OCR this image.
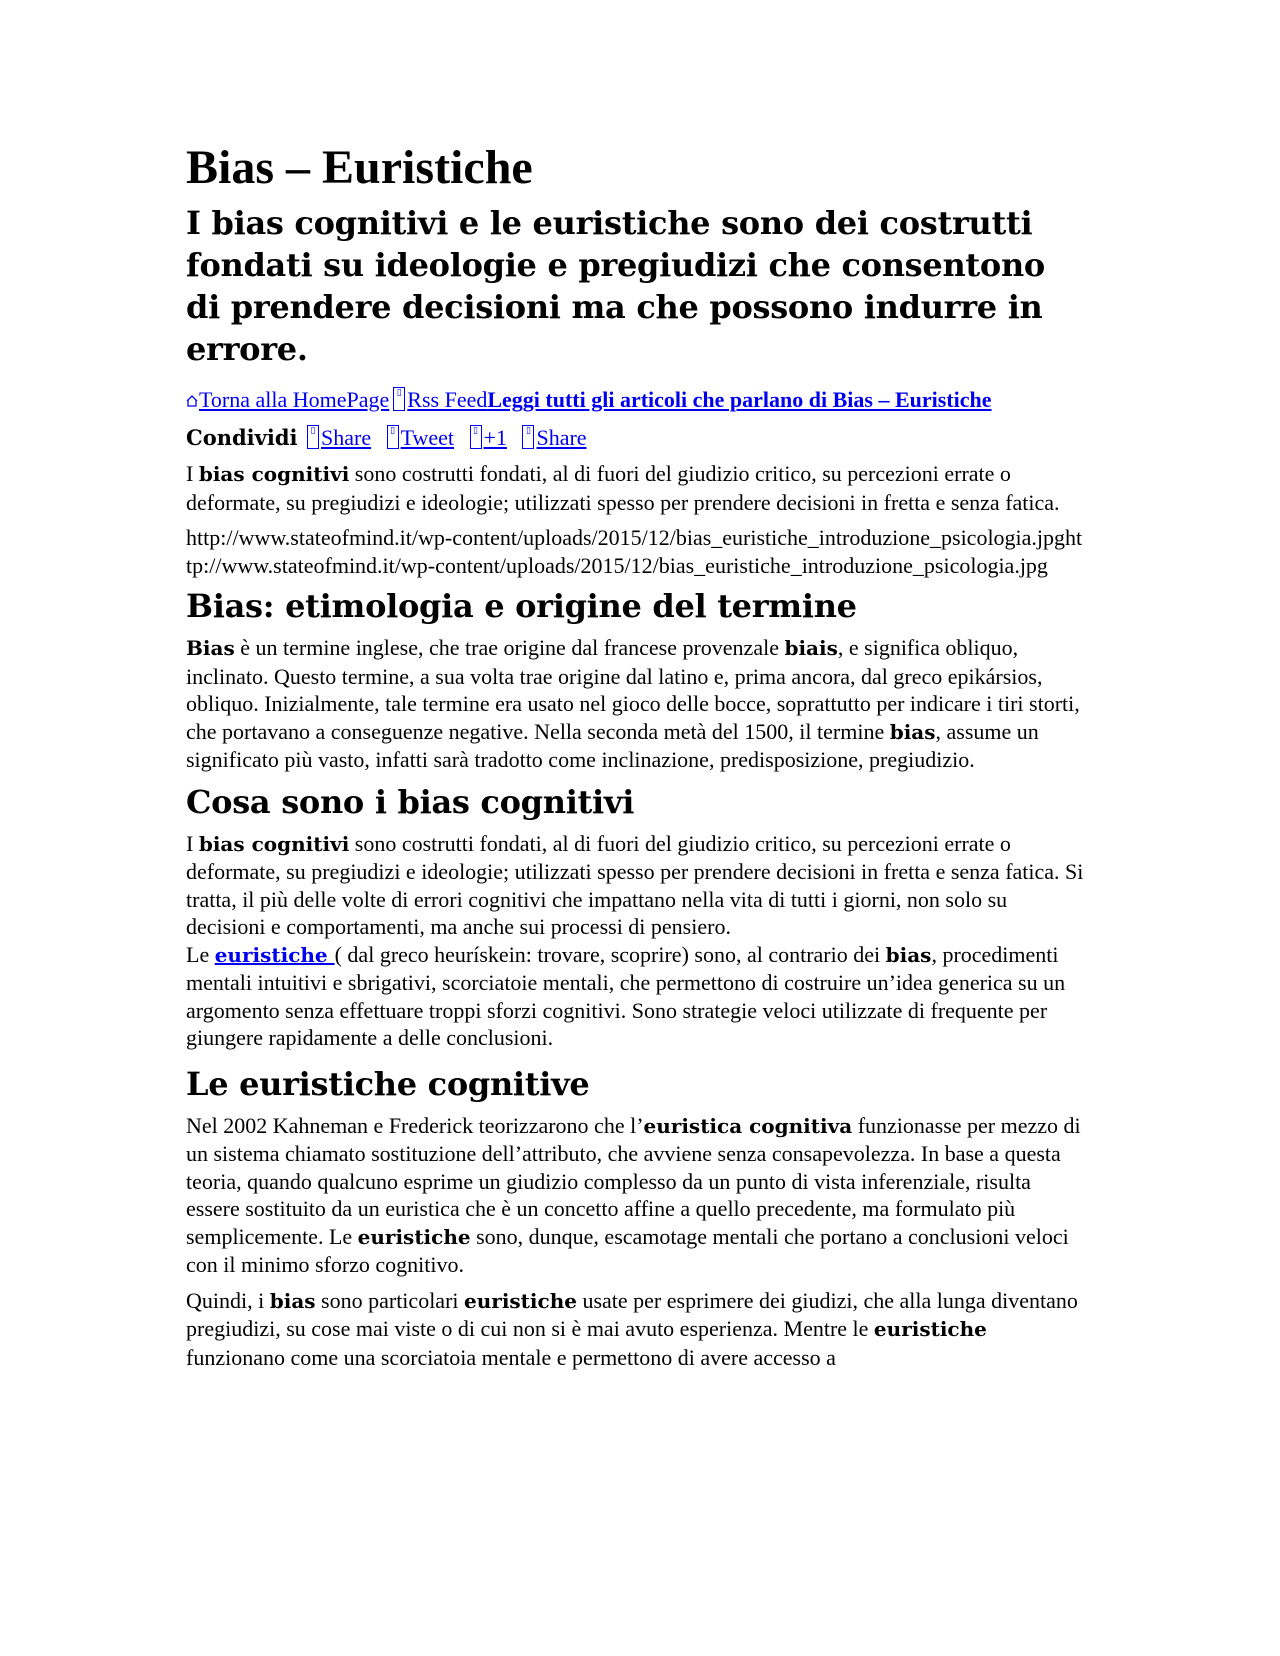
Bias – Euristiche
I bias cognitivi e le euristiche sono dei costrutti fondati su ideologie e pregiudizi che consentono di prendere decisioni ma che possono indurre in errore.
Torna alla HomePage ▯ Rss FeedLeggi tutti gli articoli che parlano di Bias – Euristiche
Condividi ▯ Share ▯ Tweet ▯ +1 ▯ Share

I bias cognitivi sono costrutti fondati, al di fuori del giudizio critico, su percezioni errate o deformate, su pregiudizi e ideologie; utilizzati spesso per prendere decisioni in fretta e senza fatica.

http://www.stateofmind.it/wp-content/uploads/2015/12/bias_euristiche_introduzione_psicologia.jpghttp://www.stateofmind.it/wp-content/uploads/2015/12/bias_euristiche_introduzione_psicologia.jpg
Bias: etimologia e origine del termine

Bias è un termine inglese, che trae origine dal francese provenzale biais, e significa obliquo, inclinato. Questo termine, a sua volta trae origine dal latino e, prima ancora, dal greco epikársios, obliquo. Inizialmente, tale termine era usato nel gioco delle bocce, soprattutto per indicare i tiri storti, che portavano a conseguenze negative. Nella seconda metà del 1500, il termine bias, assume un significato più vasto, infatti sarà tradotto come inclinazione, predisposizione, pregiudizio.

Cosa sono i bias cognitivi

I bias cognitivi sono costrutti fondati, al di fuori del giudizio critico, su percezioni errate o deformate, su pregiudizi e ideologie; utilizzati spesso per prendere decisioni in fretta e senza fatica. Si tratta, il più delle volte di errori cognitivi che impattano nella vita di tutti i giorni, non solo su decisioni e comportamenti, ma anche sui processi di pensiero.
Le euristiche ( dal greco heurískein: trovare, scoprire) sono, al contrario dei bias, procedimenti mentali intuitivi e sbrigativi, scorciatoie mentali, che permettono di costruire un’idea generica su un argomento senza effettuare troppi sforzi cognitivi. Sono strategie veloci utilizzate di frequente per giungere rapidamente a delle conclusioni.

Le euristiche cognitive

Nel 2002 Kahneman e Frederick teorizzarono che l’euristica cognitiva funzionasse per mezzo di un sistema chiamato sostituzione dell’attributo, che avviene senza consapevolezza. In base a questa teoria, quando qualcuno esprime un giudizio complesso da un punto di vista inferenziale, risulta essere sostituito da un euristica che è un concetto affine a quello precedente, ma formulato più semplicemente. Le euristiche sono, dunque, escamotage mentali che portano a conclusioni veloci con il minimo sforzo cognitivo.

Quindi, i bias sono particolari euristiche usate per esprimere dei giudizi, che alla lunga diventano pregiudizi, su cose mai viste o di cui non si è mai avuto esperienza. Mentre le euristiche funzionano come una scorciatoia mentale e permettono di avere accesso a
